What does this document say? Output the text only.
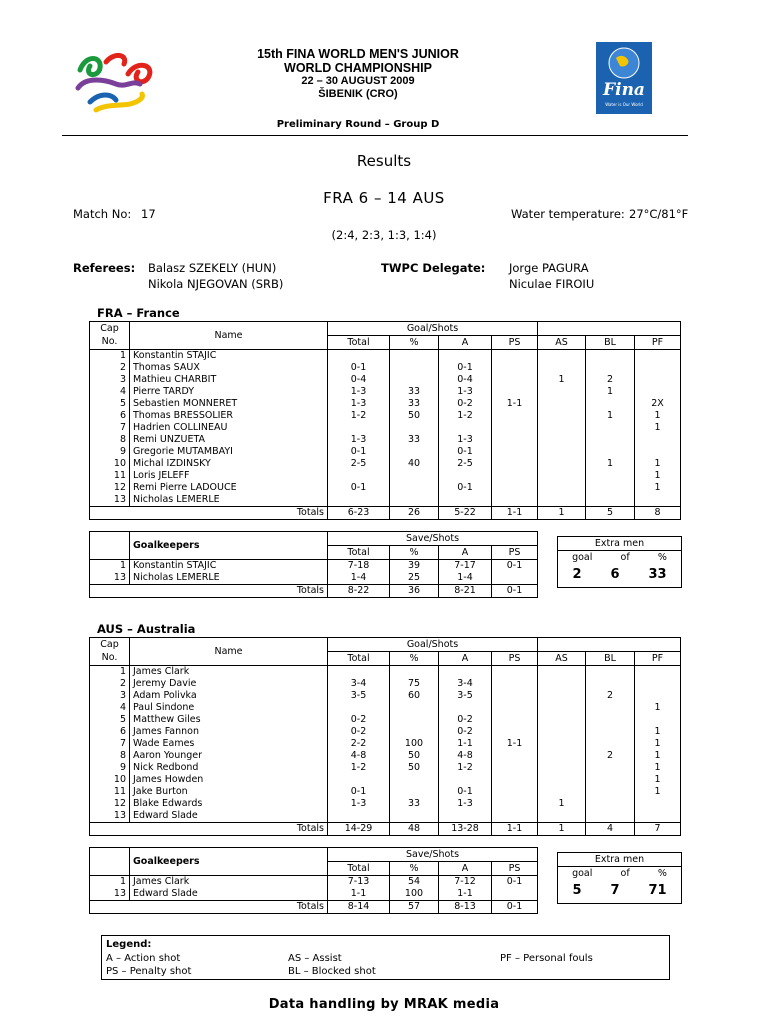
Fina
Water is Our World
15th FINA WORLD MEN'S JUNIOR
WORLD CHAMPIONSHIP
22 – 30 AUGUST 2009
ŠIBENIK (CRO)
Preliminary Round – Group D
Results
FRA 6 – 14 AUS
Match No: 17	Water temperature: 27°C/81°F
(2:4, 2:3, 1:3, 1:4)
Referees: Balasz SZEKELY (HUN)
Nikola NJEGOVAN (SRB)
TWPC Delegate: Jorge PAGURA
Niculae FIROIU
FRA – France
Cap	Name	Goal/Shots						
No.		Total	%	A	PS	AS	BL	PF
1	Konstantin STAJIC							
2	Thomas SAUX	0-1		0-1				
3	Mathieu CHARBIT	0-4		0-4		1	2	
4	Pierre TARDY	1-3	33	1-3			1	
5	Sebastien MONNERET	1-3	33	0-2	1-1			2X
6	Thomas BRESSOLIER	1-2	50	1-2			1	1
7	Hadrien COLLINEAU							1
8	Remi UNZUETA	1-3	33	1-3				
9	Gregorie MUTAMBAYI	0-1		0-1				
10	Michal IZDINSKY	2-5	40	2-5			1	1
11	Loris JELEFF							1
12	Remi Pierre LADOUCE	0-1		0-1				1
13	Nicholas LEMERLE							
Totals		6-23	26	5-22	1-1	1	5	8
	Goalkeepers	Save/Shots			
		Total	%	A	PS
1	Konstantin STAJIC	7-18	39	7-17	0-1
13	Nicholas LEMERLE	1-4	25	1-4	
Totals		8-22	36	8-21	0-1
Extra men
goal	of	%
2 6 33
AUS – Australia
Cap	Name	Goal/Shots						
No.		Total	%	A	PS	AS	BL	PF
1	James Clark							
2	Jeremy Davie	3-4	75	3-4				
3	Adam Polivka	3-5	60	3-5			2	
4	Paul Sindone							1
5	Matthew Giles	0-2		0-2				
6	James Fannon	0-2		0-2				1
7	Wade Eames	2-2	100	1-1	1-1			1
8	Aaron Younger	4-8	50	4-8			2	1
9	Nick Redbond	1-2	50	1-2				1
10	James Howden							1
11	Jake Burton	0-1		0-1				1
12	Blake Edwards	1-3	33	1-3		1		
13	Edward Slade							
Totals		14-29	48	13-28	1-1	1	4	7
	Goalkeepers	Save/Shots			
		Total	%	A	PS
1	James Clark	7-13	54	7-12	0-1
13	Edward Slade	1-1	100	1-1	
Totals		8-14	57	8-13	0-1
Extra men
goal	of	%
5 7 71
Legend:
A – Action shot	AS – Assist	PF – Personal fouls
PS – Penalty shot	BL – Blocked shot
Data handling by MRAK media
